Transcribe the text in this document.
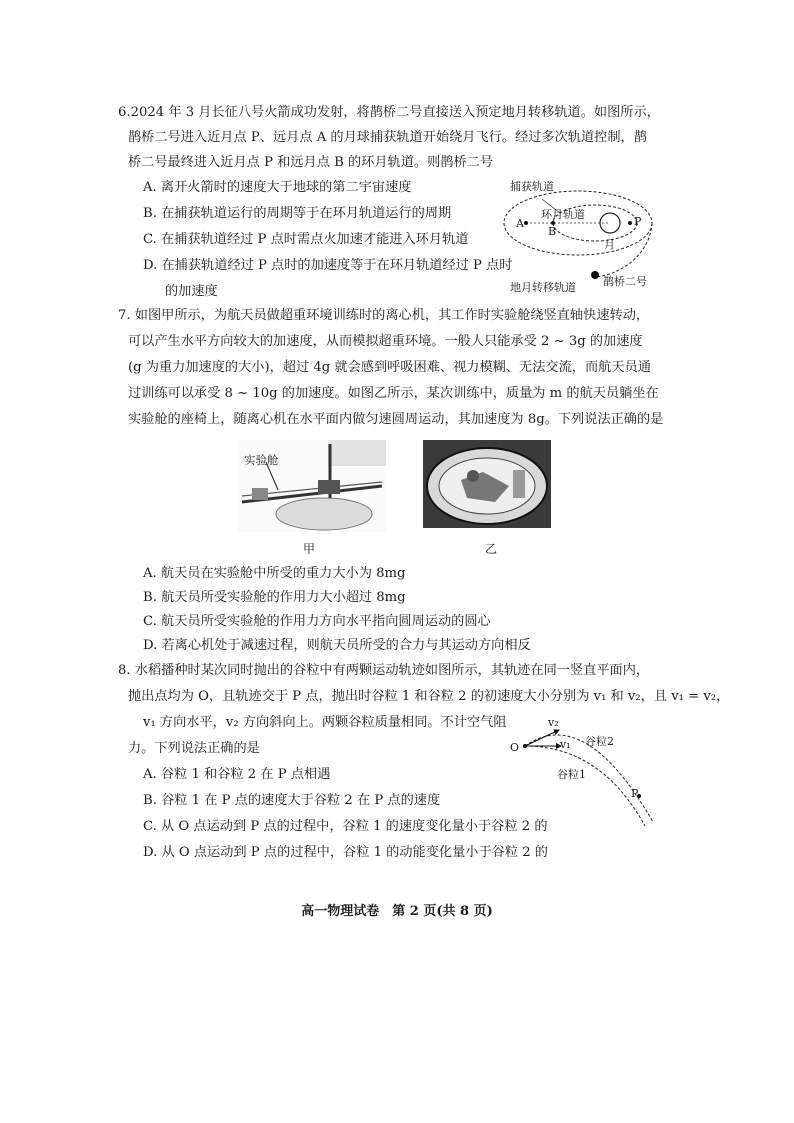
6.2024 年 3 月长征八号火箭成功发射，将鹊桥二号直接送入预定地月转移轨道。如图所示，
鹊桥二号进入近月点 P、远月点 A 的月球捕获轨道开始绕月飞行。经过多次轨道控制，鹊
桥二号最终进入近月点 P 和远月点 B 的环月轨道。则鹊桥二号
A. 离开火箭时的速度大于地球的第二宇宙速度
B. 在捕获轨道运行的周期等于在环月轨道运行的周期
C. 在捕获轨道经过 P 点时需点火加速才能进入环月轨道
D. 在捕获轨道经过 P 点时的加速度等于在环月轨道经过 P 点时
的加速度
捕获轨道
环月轨道
A
B
P
月
鹊桥二号
地月转移轨道
7. 如图甲所示，为航天员做超重环境训练时的离心机，其工作时实验舱绕竖直轴快速转动，
可以产生水平方向较大的加速度，从而模拟超重环境。一般人只能承受 2 ~ 3g 的加速度
(g 为重力加速度的大小)，超过 4g 就会感到呼吸困难、视力模糊、无法交流，而航天员通
过训练可以承受 8 ~ 10g 的加速度。如图乙所示，某次训练中，质量为 m 的航天员躺坐在
实验舱的座椅上，随离心机在水平面内做匀速圆周运动，其加速度为 8g。下列说法正确的是
实验舱
甲	乙
A. 航天员在实验舱中所受的重力大小为 8mg
B. 航天员所受实验舱的作用力大小超过 8mg
C. 航天员所受实验舱的作用力方向水平指向圆周运动的圆心
D. 若离心机处于减速过程，则航天员所受的合力与其运动方向相反
8. 水稻播种时某次同时抛出的谷粒中有两颗运动轨迹如图所示，其轨迹在同一竖直平面内，
抛出点均为 O，且轨迹交于 P 点，抛出时谷粒 1 和谷粒 2 的初速度大小分别为 v₁ 和 v₂，且 v₁ = v₂，
v₁ 方向水平，v₂ 方向斜向上。两颗谷粒质量相同。不计空气阻
力。下列说法正确的是	O
v₂
v₁ 谷粒2
谷粒1
P
A. 谷粒 1 和谷粒 2 在 P 点相遇
B. 谷粒 1 在 P 点的速度大于谷粒 2 在 P 点的速度
C. 从 O 点运动到 P 点的过程中，谷粒 1 的速度变化量小于谷粒 2 的
D. 从 O 点运动到 P 点的过程中，谷粒 1 的动能变化量小于谷粒 2 的
高一物理试卷　第 2 页(共 8 页)
